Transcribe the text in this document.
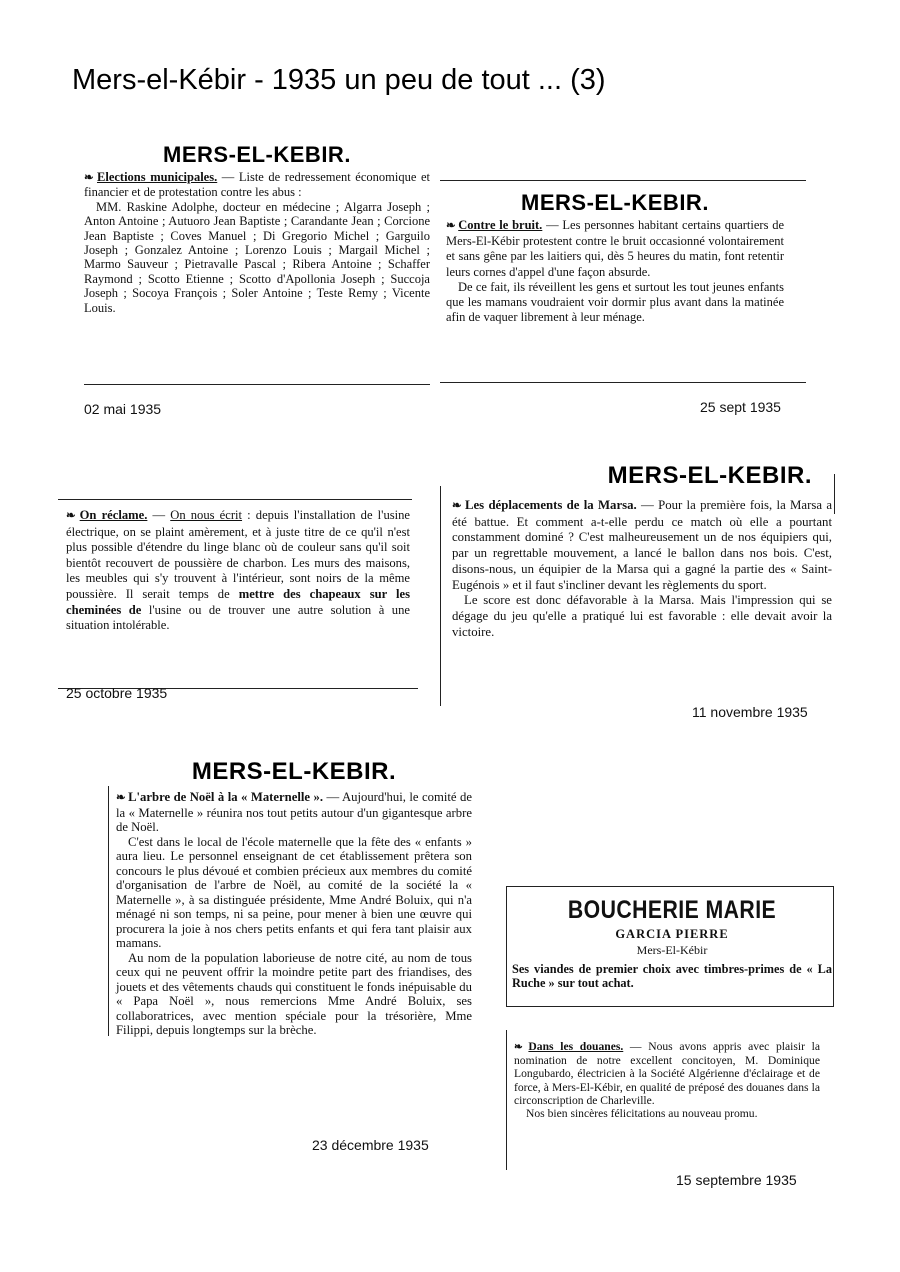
Mers-el-Kébir - 1935 un peu de tout ... (3)
MERS-EL-KEBIR.

❧ Elections municipales. — Liste de redressement économique et financier et de protestation contre les abus :

MM. Raskine Adolphe, docteur en médecine ; Algarra Joseph ; Anton Antoine ; Autuoro Jean Baptiste ; Carandante Jean ; Corcione Jean Baptiste ; Coves Manuel ; Di Gregorio Michel ; Garguilo Joseph ; Gonzalez Antoine ; Lorenzo Louis ; Margail Michel ; Marmo Sauveur ; Pietravalle Pascal ; Ribera Antoine ; Schaffer Raymond ; Scotto Etienne ; Scotto d'Apollonia Joseph ; Succoja Joseph ; Socoya François ; Soler Antoine ; Teste Remy ; Vicente Louis.

02 mai 1935
MERS-EL-KEBIR.

❧ Contre le bruit. — Les personnes habitant certains quartiers de Mers-El-Kébir protestent contre le bruit occasionné volontairement et sans gêne par les laitiers qui, dès 5 heures du matin, font retentir leurs cornes d'appel d'une façon absurde.

De ce fait, ils réveillent les gens et surtout les tout jeunes enfants que les mamans voudraient voir dormir plus avant dans la matinée afin de vaquer librement à leur ménage.

25 sept 1935

❧ On réclame. — On nous écrit : depuis l'installation de l'usine électrique, on se plaint amèrement, et à juste titre de ce qu'il n'est plus possible d'étendre du linge blanc où de couleur sans qu'il soit bientôt recouvert de poussière de charbon. Les murs des maisons, les meubles qui s'y trouvent à l'intérieur, sont noirs de la même poussière. Il serait temps de mettre des chapeaux sur les cheminées de l'usine ou de trouver une autre solution à une situation intolérable.

25 octobre 1935
MERS-EL-KEBIR.

❧ Les déplacements de la Marsa. — Pour la première fois, la Marsa a été battue. Et comment a-t-elle perdu ce match où elle a pourtant constamment dominé ? C'est malheureusement un de nos équipiers qui, par un regrettable mouvement, a lancé le ballon dans nos bois. C'est, disons-nous, un équipier de la Marsa qui a gagné la partie des « Saint-Eugénois » et il faut s'incliner devant les règlements du sport.

Le score est donc défavorable à la Marsa. Mais l'impression qui se dégage du jeu qu'elle a pratiqué lui est favorable : elle devait avoir la victoire.

11 novembre 1935
MERS-EL-KEBIR.

❧ L'arbre de Noël à la « Maternelle ». — Aujourd'hui, le comité de la « Maternelle » réunira nos tout petits autour d'un gigantesque arbre de Noël.

C'est dans le local de l'école maternelle que la fête des « enfants » aura lieu. Le personnel enseignant de cet établissement prêtera son concours le plus dévoué et combien précieux aux membres du comité d'organisation de l'arbre de Noël, au comité de la société la « Maternelle », à sa distinguée présidente, Mme André Boluix, qui n'a ménagé ni son temps, ni sa peine, pour mener à bien une œuvre qui procurera la joie à nos chers petits enfants et qui fera tant plaisir aux mamans.

Au nom de la population laborieuse de notre cité, au nom de tous ceux qui ne peuvent offrir la moindre petite part des friandises, des jouets et des vêtements chauds qui constituent le fonds inépuisable du « Papa Noël », nous remercions Mme André Boluix, ses collaboratrices, avec mention spéciale pour la trésorière, Mme Filippi, depuis longtemps sur la brèche.

23 décembre 1935
BOUCHERIE MARIE
GARCIA PIERRE
Mers-El-Kébir
Ses viandes de premier choix avec timbres-primes de « La Ruche » sur tout achat.

❧ Dans les douanes. — Nous avons appris avec plaisir la nomination de notre excellent concitoyen, M. Dominique Longubardo, électricien à la Société Algérienne d'éclairage et de force, à Mers-El-Kébir, en qualité de préposé des douanes dans la circonscription de Charleville.

Nos bien sincères félicitations au nouveau promu.

15 septembre 1935
